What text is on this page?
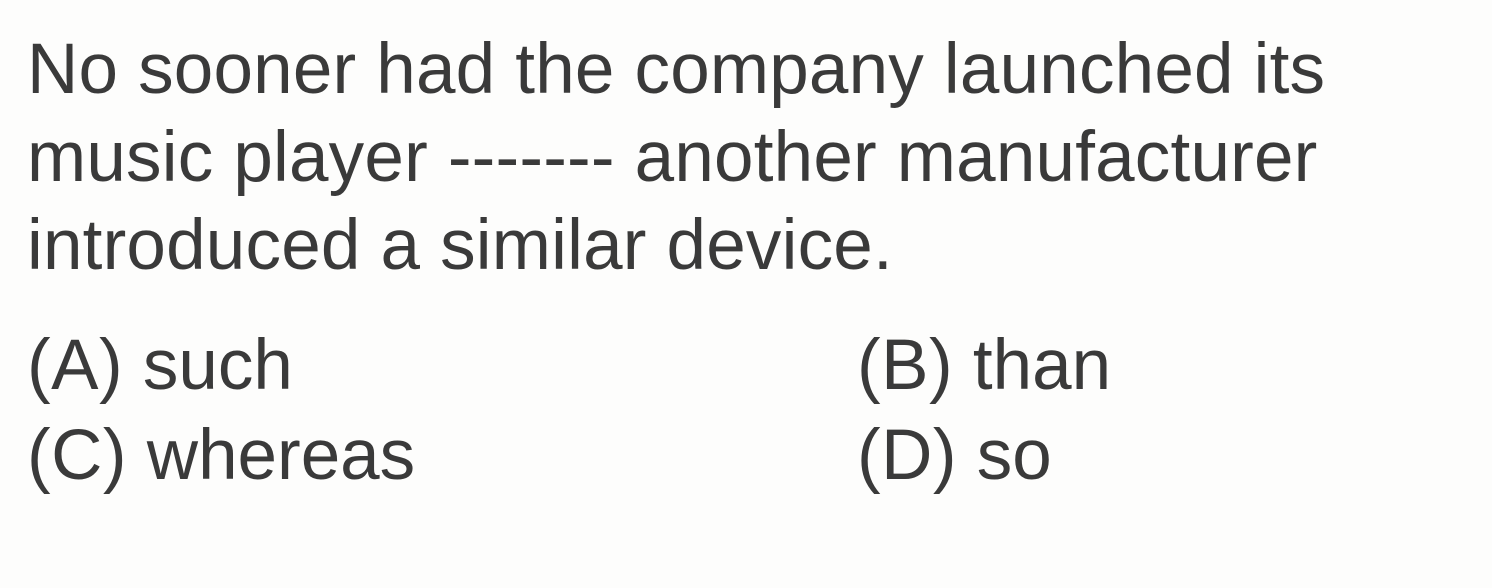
No sooner had the company launched its
music player ------- another manufacturer
introduced a similar device.
(A) such	(B) than
(C) whereas	(D) so
